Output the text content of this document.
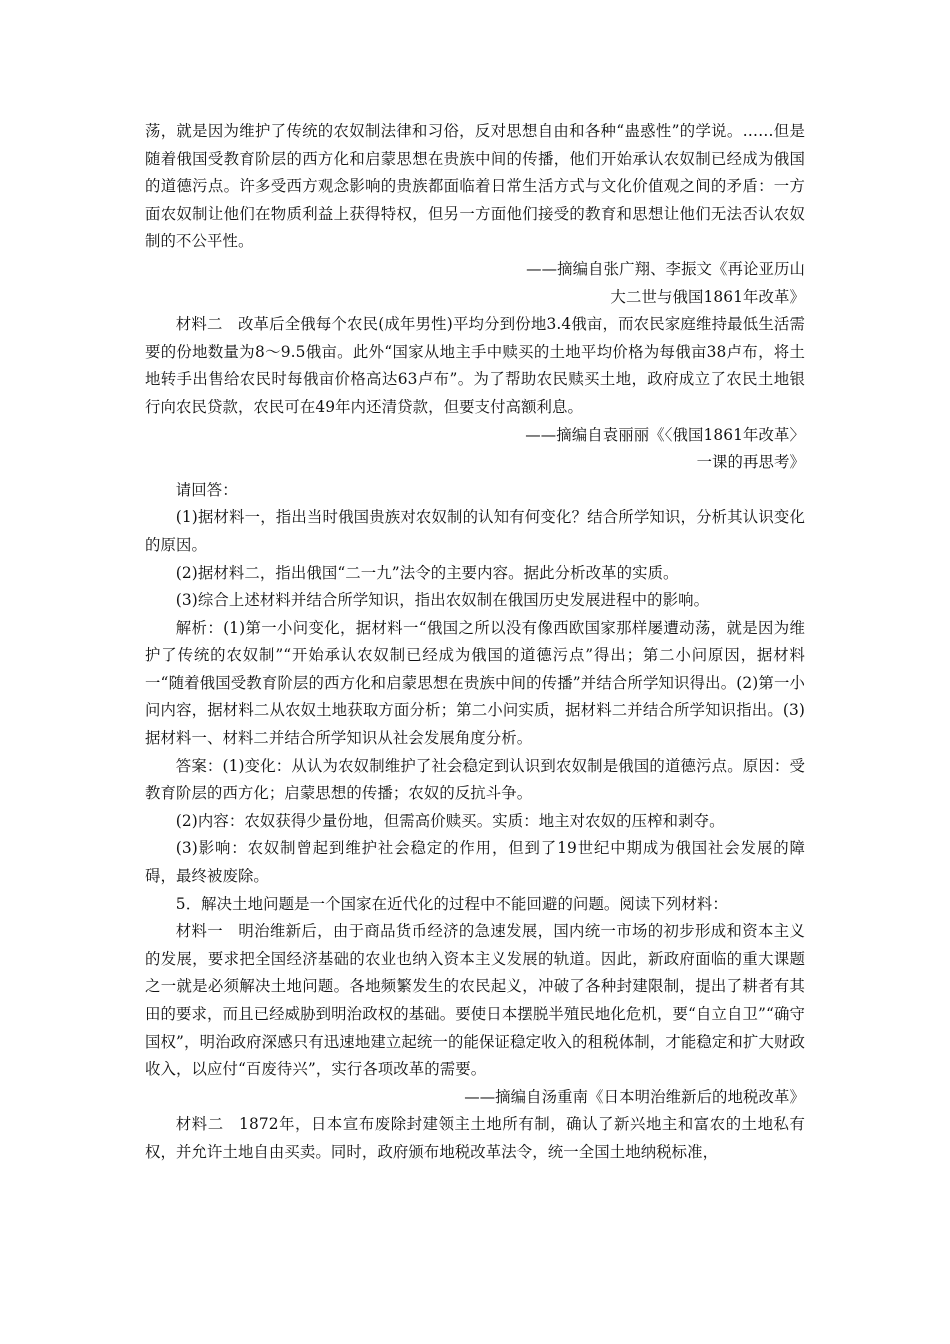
荡，就是因为维护了传统的农奴制法律和习俗，反对思想自由和各种“蛊惑性”的学说。……但是随着俄国受教育阶层的西方化和启蒙思想在贵族中间的传播，他们开始承认农奴制已经成为俄国的道德污点。许多受西方观念影响的贵族都面临着日常生活方式与文化价值观之间的矛盾：一方面农奴制让他们在物质利益上获得特权，但另一方面他们接受的教育和思想让他们无法否认农奴制的不公平性。

——摘编自张广翔、李振文《再论亚历山

大二世与俄国1861年改革》

材料二 改革后全俄每个农民(成年男性)平均分到份地3.4俄亩，而农民家庭维持最低生活需要的份地数量为8～9.5俄亩。此外“国家从地主手中赎买的土地平均价格为每俄亩38卢布，将土地转手出售给农民时每俄亩价格高达63卢布”。为了帮助农民赎买土地，政府成立了农民土地银行向农民贷款，农民可在49年内还清贷款，但要支付高额利息。

——摘编自袁丽丽《〈俄国1861年改革〉

一课的再思考》

请回答：

(1)据材料一，指出当时俄国贵族对农奴制的认知有何变化？结合所学知识，分析其认识变化的原因。

(2)据材料二，指出俄国“二一九”法令的主要内容。据此分析改革的实质。

(3)综合上述材料并结合所学知识，指出农奴制在俄国历史发展进程中的影响。

解析：(1)第一小问变化，据材料一“俄国之所以没有像西欧国家那样屡遭动荡，就是因为维护了传统的农奴制”“开始承认农奴制已经成为俄国的道德污点”得出；第二小问原因，据材料一“随着俄国受教育阶层的西方化和启蒙思想在贵族中间的传播”并结合所学知识得出。(2)第一小问内容，据材料二从农奴土地获取方面分析；第二小问实质，据材料二并结合所学知识指出。(3)据材料一、材料二并结合所学知识从社会发展角度分析。

答案：(1)变化：从认为农奴制维护了社会稳定到认识到农奴制是俄国的道德污点。原因：受教育阶层的西方化；启蒙思想的传播；农奴的反抗斗争。

(2)内容：农奴获得少量份地，但需高价赎买。实质：地主对农奴的压榨和剥夺。

(3)影响：农奴制曾起到维护社会稳定的作用，但到了19世纪中期成为俄国社会发展的障碍，最终被废除。

5．解决土地问题是一个国家在近代化的过程中不能回避的问题。阅读下列材料：

材料一 明治维新后，由于商品货币经济的急速发展，国内统一市场的初步形成和资本主义的发展，要求把全国经济基础的农业也纳入资本主义发展的轨道。因此，新政府面临的重大课题之一就是必须解决土地问题。各地频繁发生的农民起义，冲破了各种封建限制，提出了耕者有其田的要求，而且已经威胁到明治政权的基础。要使日本摆脱半殖民地化危机，要“自立自卫”“确守国权”，明治政府深感只有迅速地建立起统一的能保证稳定收入的租税体制，才能稳定和扩大财政收入，以应付“百废待兴”，实行各项改革的需要。

——摘编自汤重南《日本明治维新后的地税改革》

材料二 1872年，日本宣布废除封建领主土地所有制，确认了新兴地主和富农的土地私有权，并允许土地自由买卖。同时，政府颁布地税改革法令，统一全国土地纳税标准，
